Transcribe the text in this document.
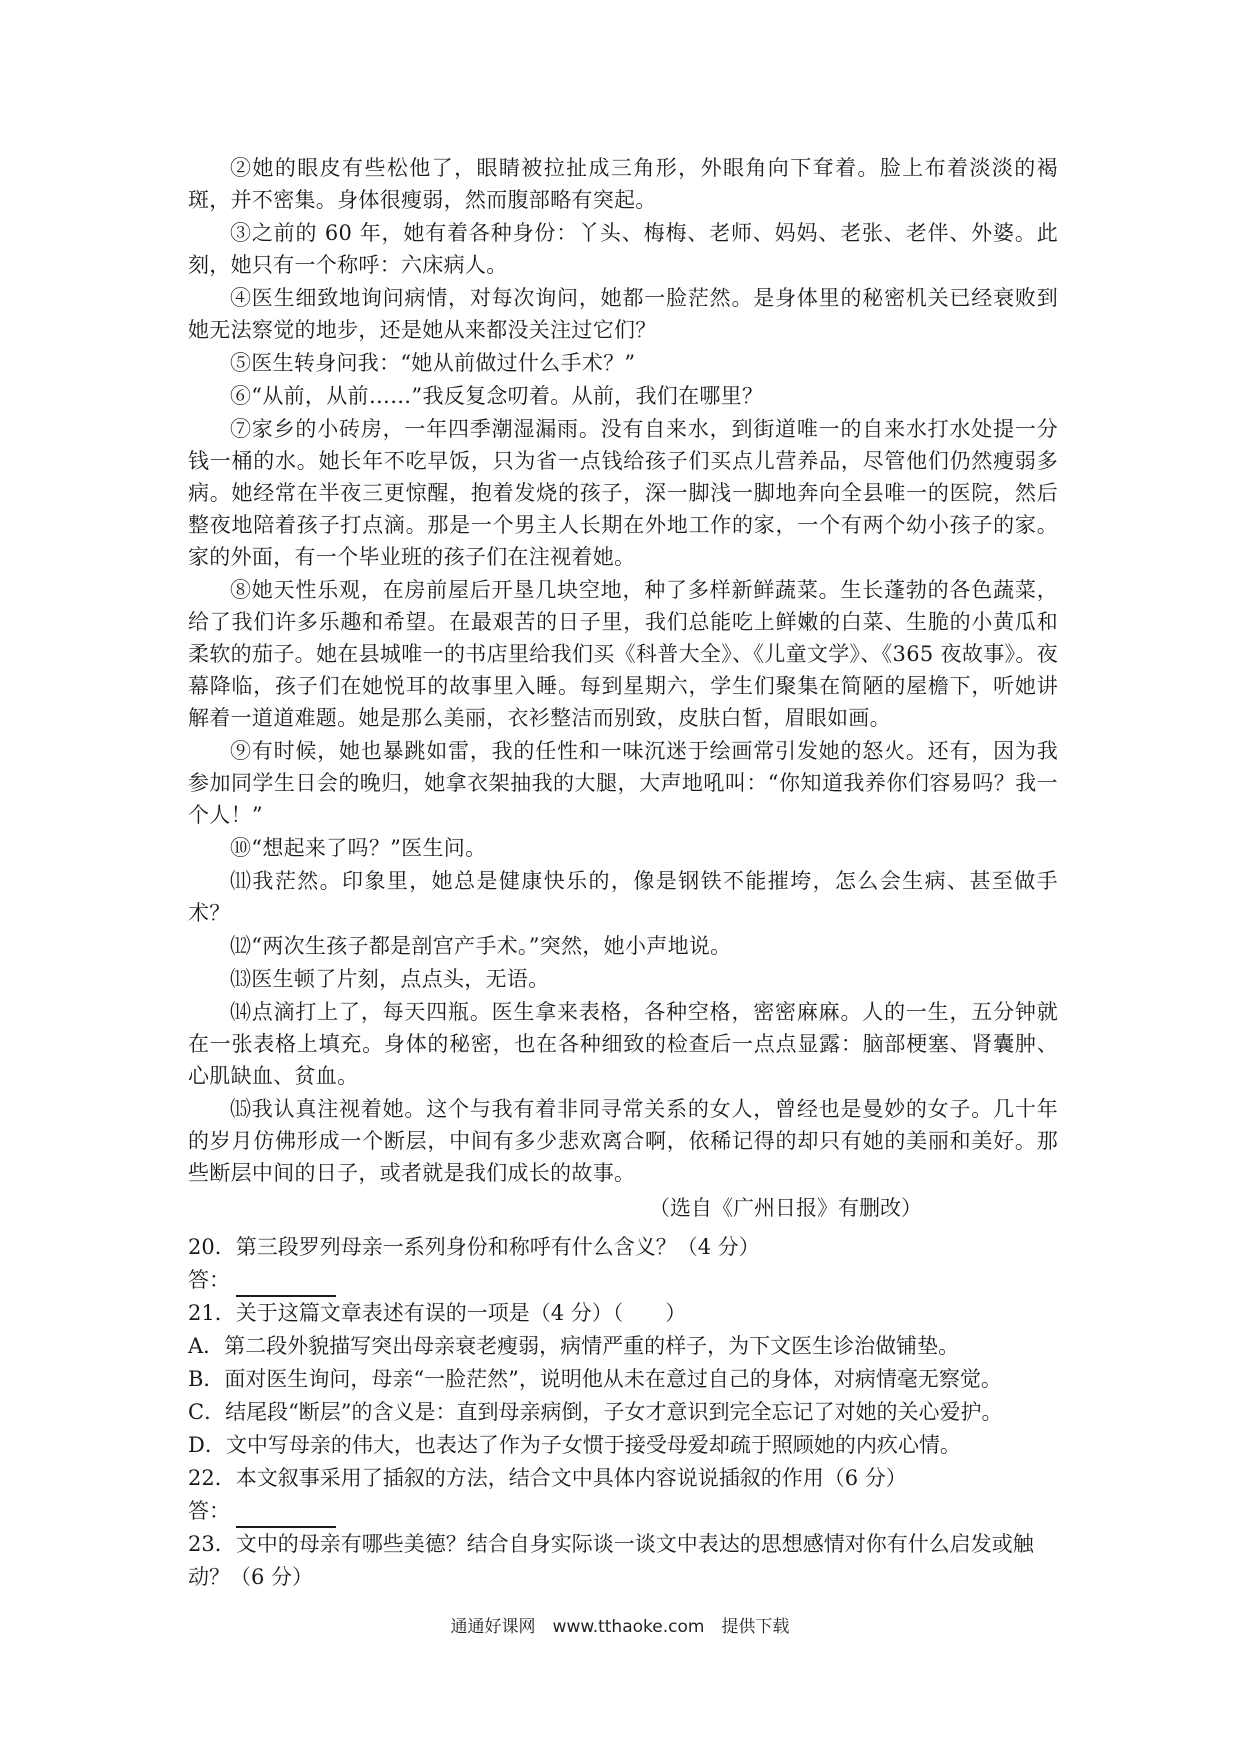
②她的眼皮有些松他了，眼睛被拉扯成三角形，外眼角向下耷着。脸上布着淡淡的褐斑，并不密集。身体很瘦弱，然而腹部略有突起。

③之前的 60 年，她有着各种身份：丫头、梅梅、老师、妈妈、老张、老伴、外婆。此刻，她只有一个称呼：六床病人。

④医生细致地询问病情，对每次询问，她都一脸茫然。是身体里的秘密机关已经衰败到她无法察觉的地步，还是她从来都没关注过它们？

⑤医生转身问我：“她从前做过什么手术？”

⑥“从前，从前……”我反复念叨着。从前，我们在哪里？

⑦家乡的小砖房，一年四季潮湿漏雨。没有自来水，到街道唯一的自来水打水处提一分钱一桶的水。她长年不吃早饭，只为省一点钱给孩子们买点儿营养品，尽管他们仍然瘦弱多病。她经常在半夜三更惊醒，抱着发烧的孩子，深一脚浅一脚地奔向全县唯一的医院，然后整夜地陪着孩子打点滴。那是一个男主人长期在外地工作的家，一个有两个幼小孩子的家。家的外面，有一个毕业班的孩子们在注视着她。

⑧她天性乐观，在房前屋后开垦几块空地，种了多样新鲜蔬菜。生长蓬勃的各色蔬菜，给了我们许多乐趣和希望。在最艰苦的日子里，我们总能吃上鲜嫩的白菜、生脆的小黄瓜和柔软的茄子。她在县城唯一的书店里给我们买《科普大全》、《儿童文学》、《365 夜故事》。夜幕降临，孩子们在她悦耳的故事里入睡。每到星期六，学生们聚集在简陋的屋檐下，听她讲解着一道道难题。她是那么美丽，衣衫整洁而别致，皮肤白皙，眉眼如画。

⑨有时候，她也暴跳如雷，我的任性和一味沉迷于绘画常引发她的怒火。还有，因为我参加同学生日会的晚归，她拿衣架抽我的大腿，大声地吼叫：“你知道我养你们容易吗？我一个人！”

⑩“想起来了吗？”医生问。

⑾我茫然。印象里，她总是健康快乐的，像是钢铁不能摧垮，怎么会生病、甚至做手术？

⑿“两次生孩子都是剖宫产手术。”突然，她小声地说。

⒀医生顿了片刻，点点头，无语。

⒁点滴打上了，每天四瓶。医生拿来表格，各种空格，密密麻麻。人的一生，五分钟就在一张表格上填充。身体的秘密，也在各种细致的检查后一点点显露：脑部梗塞、肾囊肿、心肌缺血、贫血。

⒂我认真注视着她。这个与我有着非同寻常关系的女人，曾经也是曼妙的女子。几十年的岁月仿佛形成一个断层，中间有多少悲欢离合啊，依稀记得的却只有她的美丽和美好。那些断层中间的日子，或者就是我们成长的故事。

（选自《广州日报》有删改）

20．第三段罗列母亲一系列身份和称呼有什么含义？（4 分）

答：

21．关于这篇文章表述有误的一项是（4 分）（　　）

A．第二段外貌描写突出母亲衰老瘦弱，病情严重的样子，为下文医生诊治做铺垫。

B．面对医生询问，母亲“一脸茫然”，说明他从未在意过自己的身体，对病情毫无察觉。

C．结尾段“断层”的含义是：直到母亲病倒，子女才意识到完全忘记了对她的关心爱护。

D．文中写母亲的伟大，也表达了作为子女惯于接受母爱却疏于照顾她的内疚心情。

22．本文叙事采用了插叙的方法，结合文中具体内容说说插叙的作用（6 分）

答：

23．文中的母亲有哪些美德？结合自身实际谈一谈文中表达的思想感情对你有什么启发或触动？（6 分）

通通好课网　www.tthaoke.com　提供下载
